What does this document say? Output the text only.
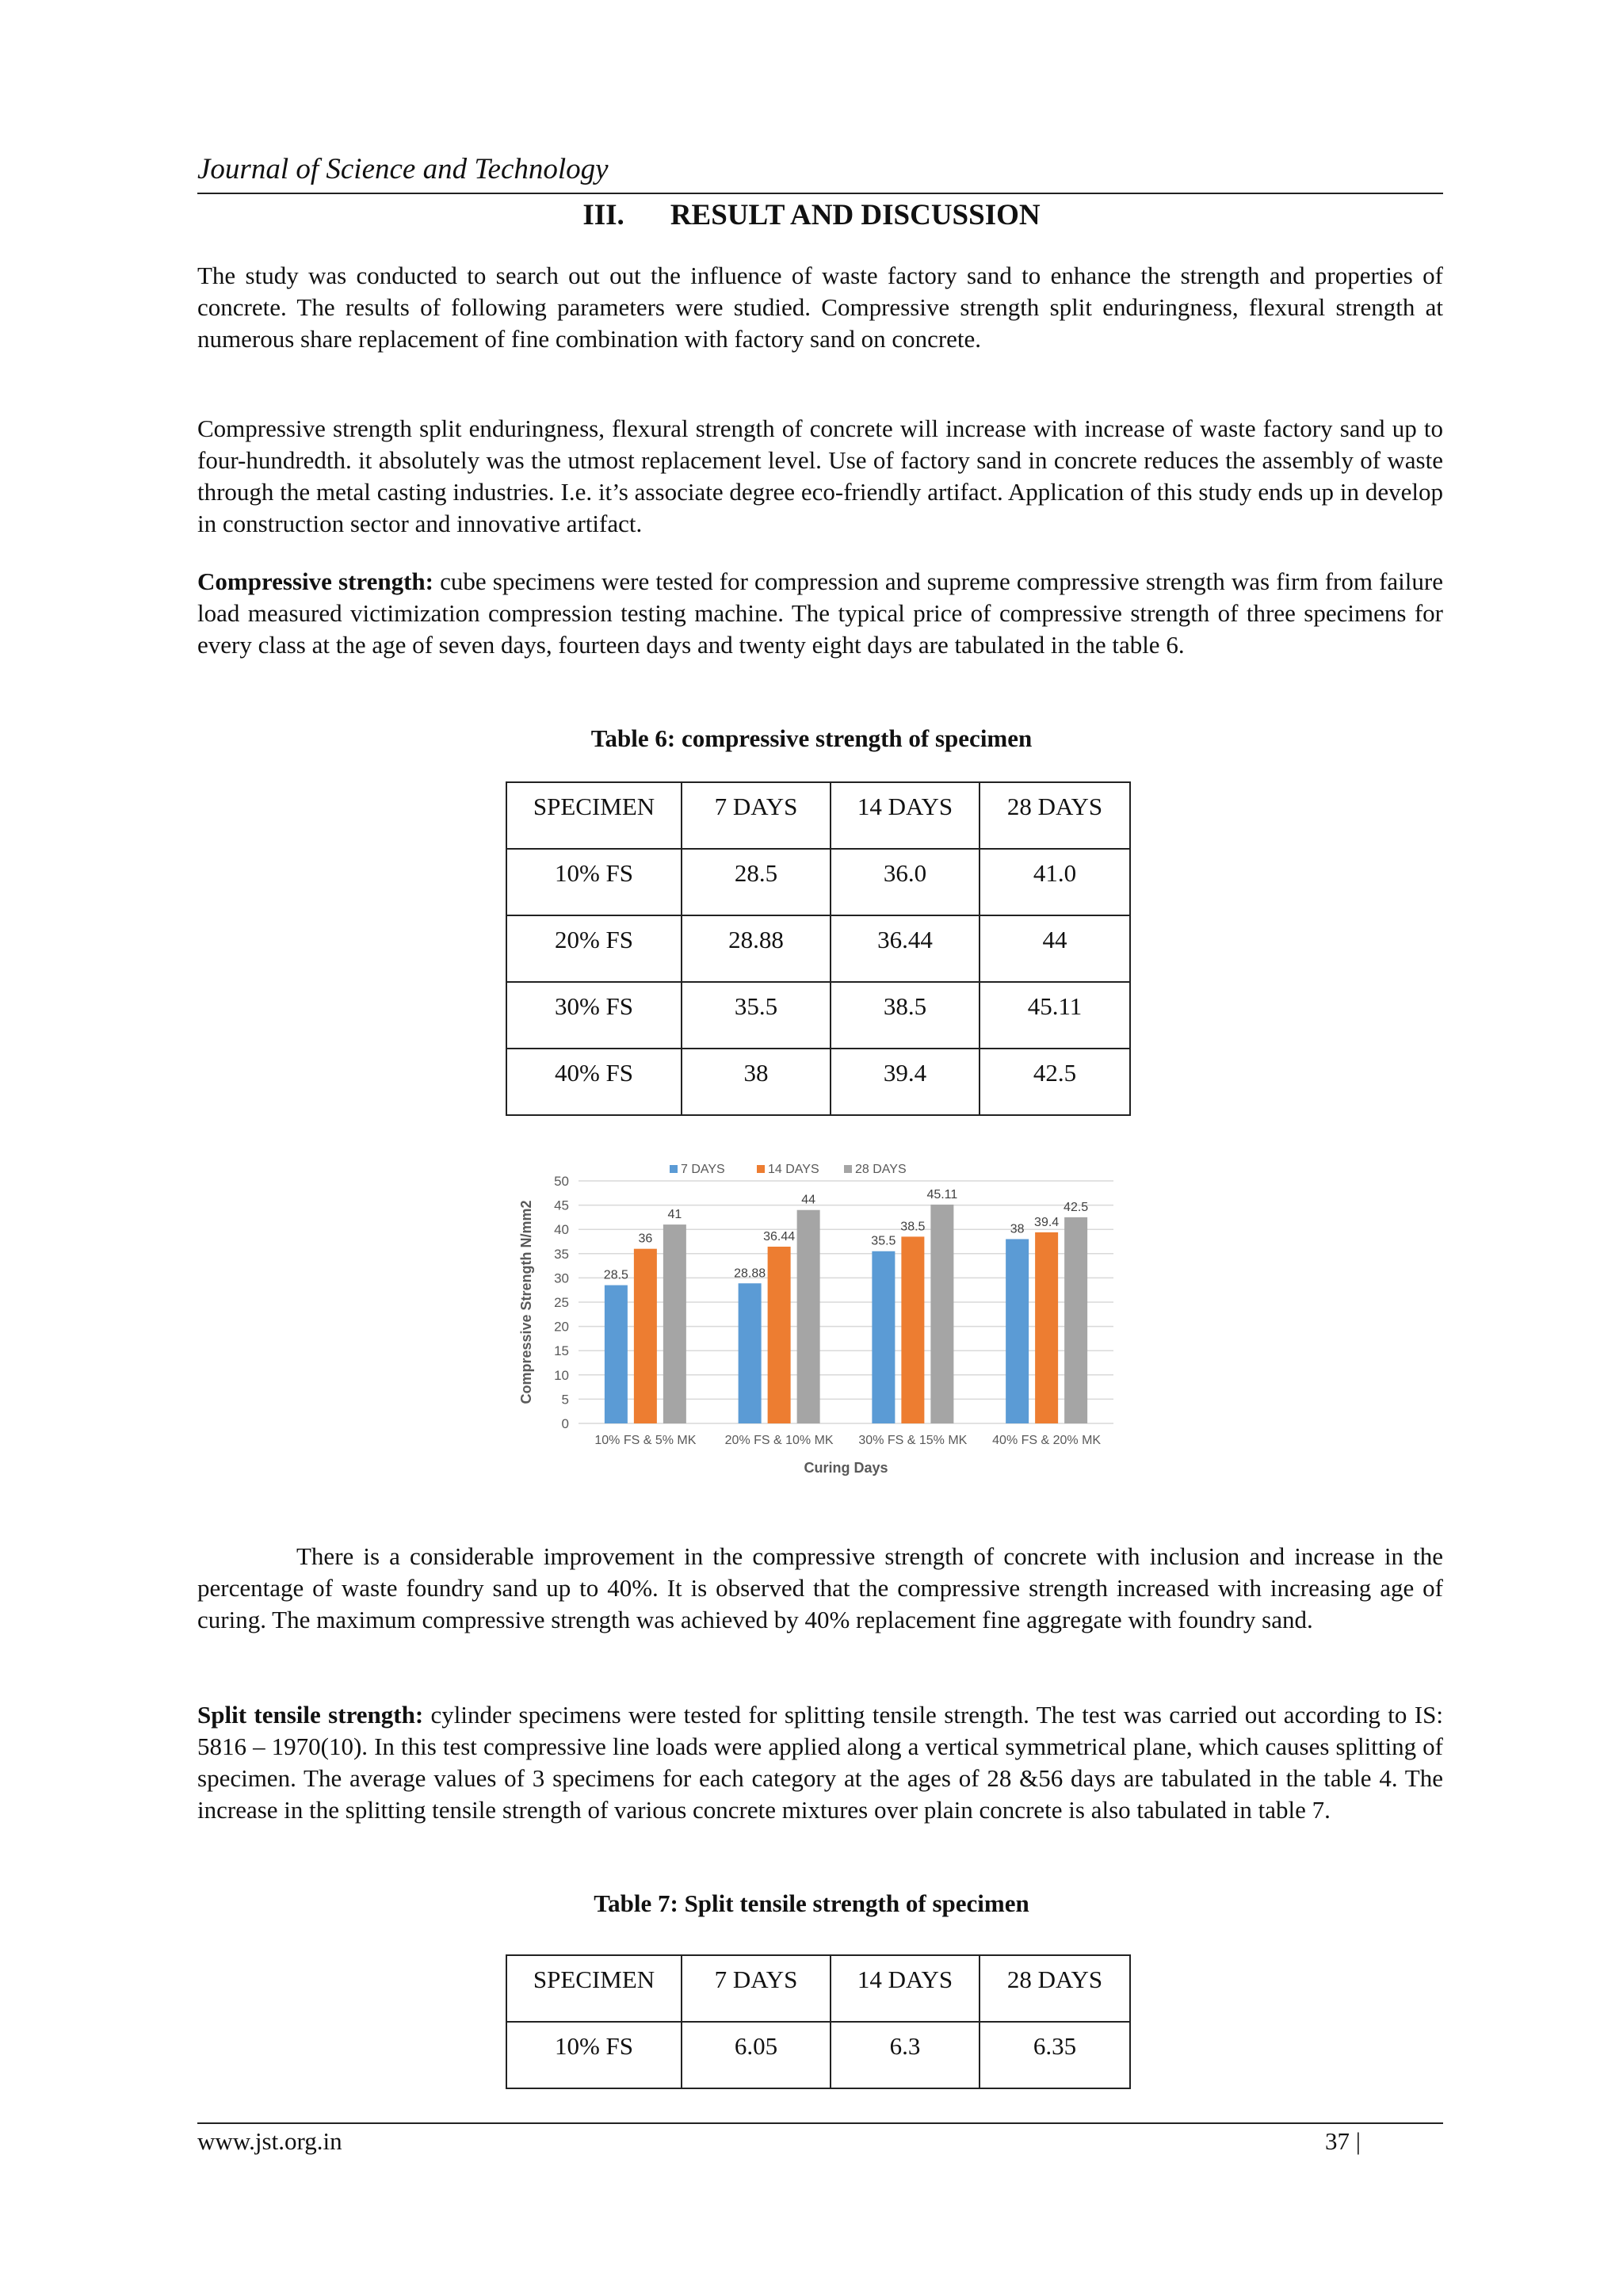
Journal of Science and Technology
III. RESULT AND DISCUSSION

The study was conducted to search out out the influence of waste factory sand to enhance the strength and properties of concrete. The results of following parameters were studied. Compressive strength split enduringness, flexural strength at numerous share replacement of fine combination with factory sand on concrete.

Compressive strength split enduringness, flexural strength of concrete will increase with increase of waste factory sand up to four-hundredth. it absolutely was the utmost replacement level. Use of factory sand in concrete reduces the assembly of waste through the metal casting industries. I.e. it’s associate degree eco-friendly artifact. Application of this study ends up in develop in construction sector and innovative artifact.

Compressive strength: cube specimens were tested for compression and supreme compressive strength was firm from failure load measured victimization compression testing machine. The typical price of compressive strength of three specimens for every class at the age of seven days, fourteen days and twenty eight days are tabulated in the table 6.

Table 6: compressive strength of specimen
SPECIMEN	7 DAYS	14 DAYS	28 DAYS
10% FS	28.5	36.0	41.0
20% FS	28.88	36.44	44
30% FS	35.5	38.5	45.11
40% FS	38	39.4	42.5
0
5
10
15
20
25
30
35
40
45
50
Compressive Strength N/mm2
Curing Days
28.5
36
41
10% FS & 5% MK
28.88
36.44
44
20% FS & 10% MK
35.5
38.5
45.11
30% FS & 15% MK
38
39.4
42.5
40% FS & 20% MK
7 DAYS	14 DAYS	28 DAYS

There is a considerable improvement in the compressive strength of concrete with inclusion and increase in the percentage of waste foundry sand up to 40%. It is observed that the compressive strength increased with increasing age of curing. The maximum compressive strength was achieved by 40% replacement fine aggregate with foundry sand.

Split tensile strength: cylinder specimens were tested for splitting tensile strength. The test was carried out according to IS: 5816 – 1970(10). In this test compressive line loads were applied along a vertical symmetrical plane, which causes splitting of specimen. The average values of 3 specimens for each category at the ages of 28 &56 days are tabulated in the table 4. The increase in the splitting tensile strength of various concrete mixtures over plain concrete is also tabulated in table 7.

Table 7: Split tensile strength of specimen
SPECIMEN	7 DAYS	14 DAYS	28 DAYS
10% FS	6.05	6.3	6.35
www.jst.org.in	37 |
